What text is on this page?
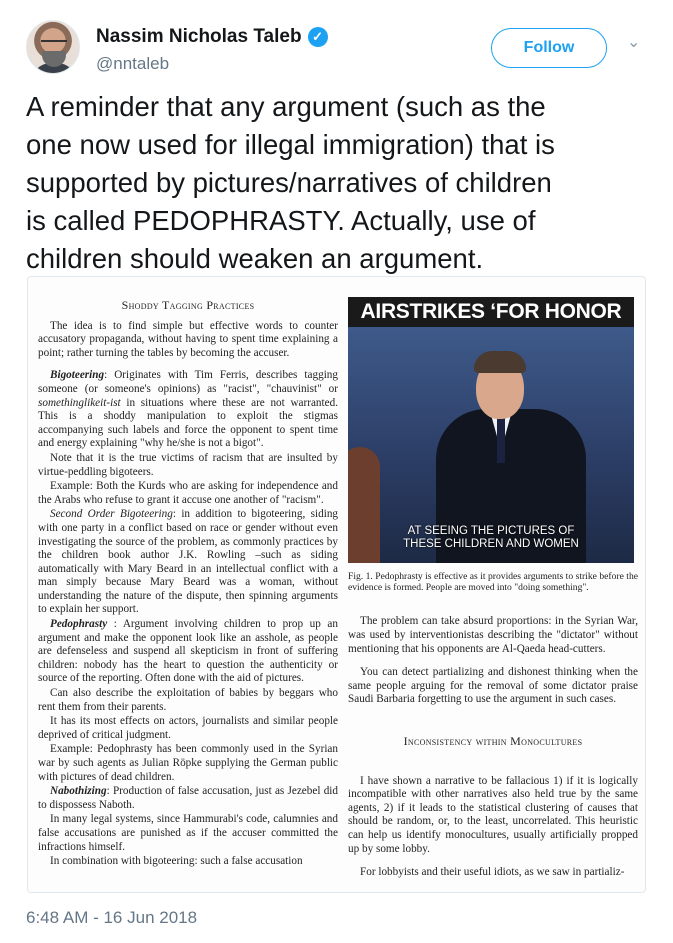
Nassim Nicholas Taleb ✓
@nntaleb
Follow	⌄
A reminder that any argument (such as the
one now used for illegal immigration) that is
supported by pictures/narratives of children
is called PEDOPHRASTY. Actually, use of
children should weaken an argument.

Shoddy Tagging Practices

The idea is to find simple but effective words to counter accusatory propaganda, without having to spent time explaining a point; rather turning the tables by becoming the accuser.

Bigoteering: Originates with Tim Ferris, describes tagging someone (or someone's opinions) as "racist", "chauvinist" or somethinglikeit-ist in situations where these are not warranted. This is a shoddy manipulation to exploit the stigmas accompanying such labels and force the opponent to spent time and energy explaining "why he/she is not a bigot".

Note that it is the true victims of racism that are insulted by virtue-peddling bigoteers.

Example: Both the Kurds who are asking for independence and the Arabs who refuse to grant it accuse one another of "racism".

Second Order Bigoteering: in addition to bigoteering, siding with one party in a conflict based on race or gender without even investigating the source of the problem, as commonly practices by the children book author J.K. Rowling –such as siding automatically with Mary Beard in an intellectual conflict with a man simply because Mary Beard was a woman, without understanding the nature of the dispute, then spinning arguments to explain her support.

Pedophrasty : Argument involving children to prop up an argument and make the opponent look like an asshole, as people are defenseless and suspend all skepticism in front of suffering children: nobody has the heart to question the authenticity or source of the reporting. Often done with the aid of pictures.

Can also describe the exploitation of babies by beggars who rent them from their parents.

It has its most effects on actors, journalists and similar people deprived of critical judgment.

Example: Pedophrasty has been commonly used in the Syrian war by such agents as Julian Röpke supplying the German public with pictures of dead children.

Nabothizing: Production of false accusation, just as Jezebel did to dispossess Naboth.

In many legal systems, since Hammurabi's code, calumnies and false accusations are punished as if the accuser committed the infractions himself.

In combination with bigoteering: such a false accusation

AIRSTRIKES ‘FOR HONOR
AT SEEING THE PICTURES OF
THESE CHILDREN AND WOMEN
Fig. 1. Pedophrasty is effective as it provides arguments to strike before the evidence is formed. People are moved into "doing something".

The problem can take absurd proportions: in the Syrian War, was used by interventionistas describing the "dictator" without mentioning that his opponents are Al-Qaeda head-cutters.

You can detect partializing and dishonest thinking when the same people arguing for the removal of some dictator praise Saudi Barbaria forgetting to use the argument in such cases.

Inconsistency within Monocultures

I have shown a narrative to be fallacious 1) if it is logically incompatible with other narratives also held true by the same agents, 2) if it leads to the statistical clustering of causes that should be random, or, to the least, uncorrelated. This heuristic can help us identify monocultures, usually artificially propped up by some lobby.

For lobbyists and their useful idiots, as we saw in partializ-

6:48 AM - 16 Jun 2018
